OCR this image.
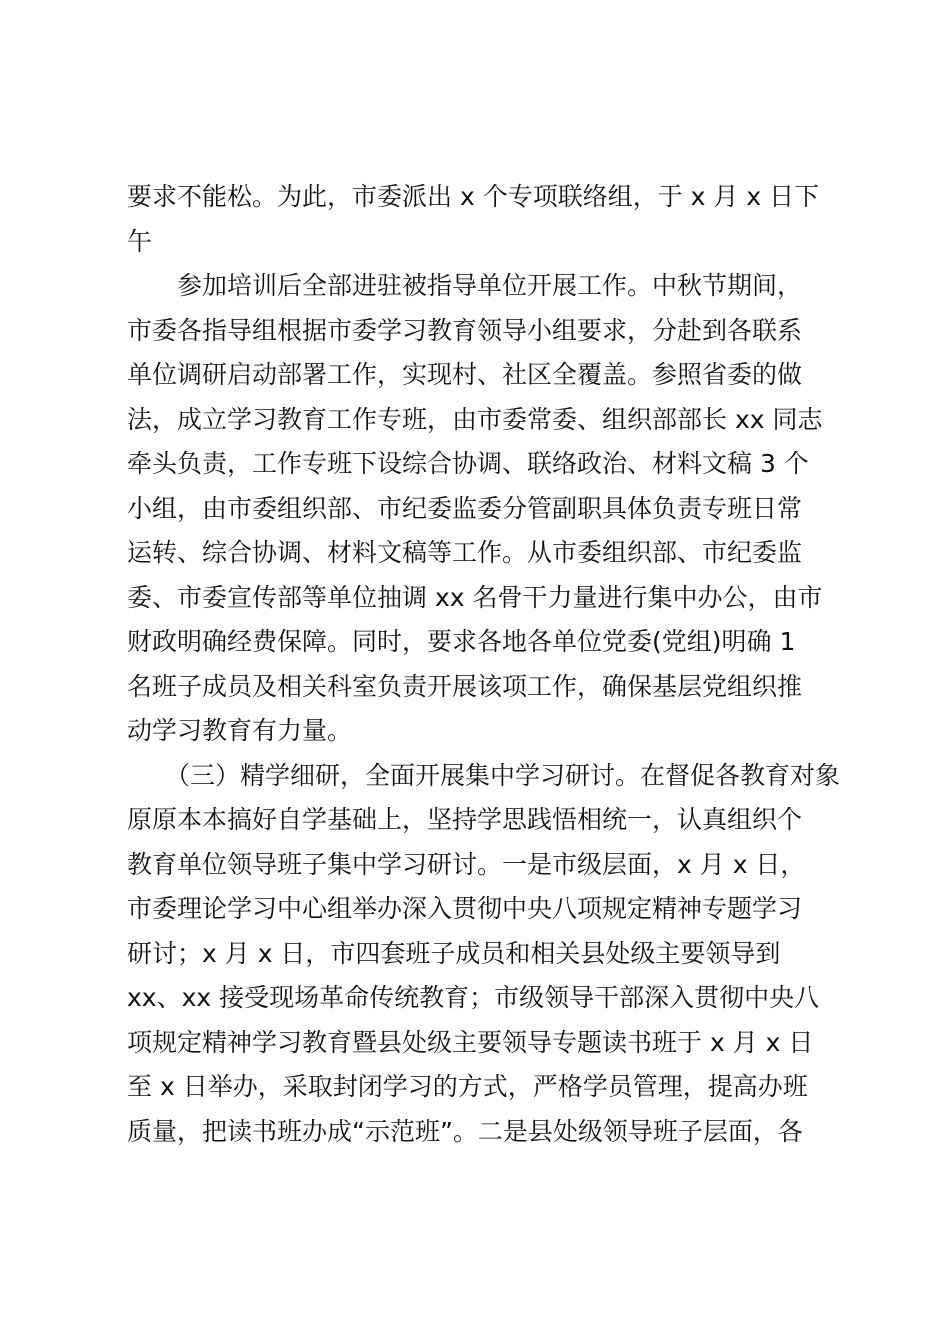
要求不能松。为此，市委派出 x 个专项联络组，于 x 月 x 日下
午

参加培训后全部进驻被指导单位开展工作。中秋节期间，
市委各指导组根据市委学习教育领导小组要求，分赴到各联系
单位调研启动部署工作，实现村、社区全覆盖。参照省委的做
法，成立学习教育工作专班，由市委常委、组织部部长 xx 同志
牵头负责，工作专班下设综合协调、联络政治、材料文稿 3 个
小组，由市委组织部、市纪委监委分管副职具体负责专班日常
运转、综合协调、材料文稿等工作。从市委组织部、市纪委监
委、市委宣传部等单位抽调 xx 名骨干力量进行集中办公，由市
财政明确经费保障。同时，要求各地各单位党委(党组)明确 1
名班子成员及相关科室负责开展该项工作，确保基层党组织推
动学习教育有力量。

（三）精学细研，全面开展集中学习研讨。在督促各教育对象
原原本本搞好自学基础上，坚持学思践悟相统一，认真组织个
教育单位领导班子集中学习研讨。一是市级层面，x 月 x 日，
市委理论学习中心组举办深入贯彻中央八项规定精神专题学习
研讨；x 月 x 日，市四套班子成员和相关县处级主要领导到
xx、xx 接受现场革命传统教育；市级领导干部深入贯彻中央八
项规定精神学习教育暨县处级主要领导专题读书班于 x 月 x 日
至 x 日举办，采取封闭学习的方式，严格学员管理，提高办班
质量，把读书班办成“示范班”。二是县处级领导班子层面，各
